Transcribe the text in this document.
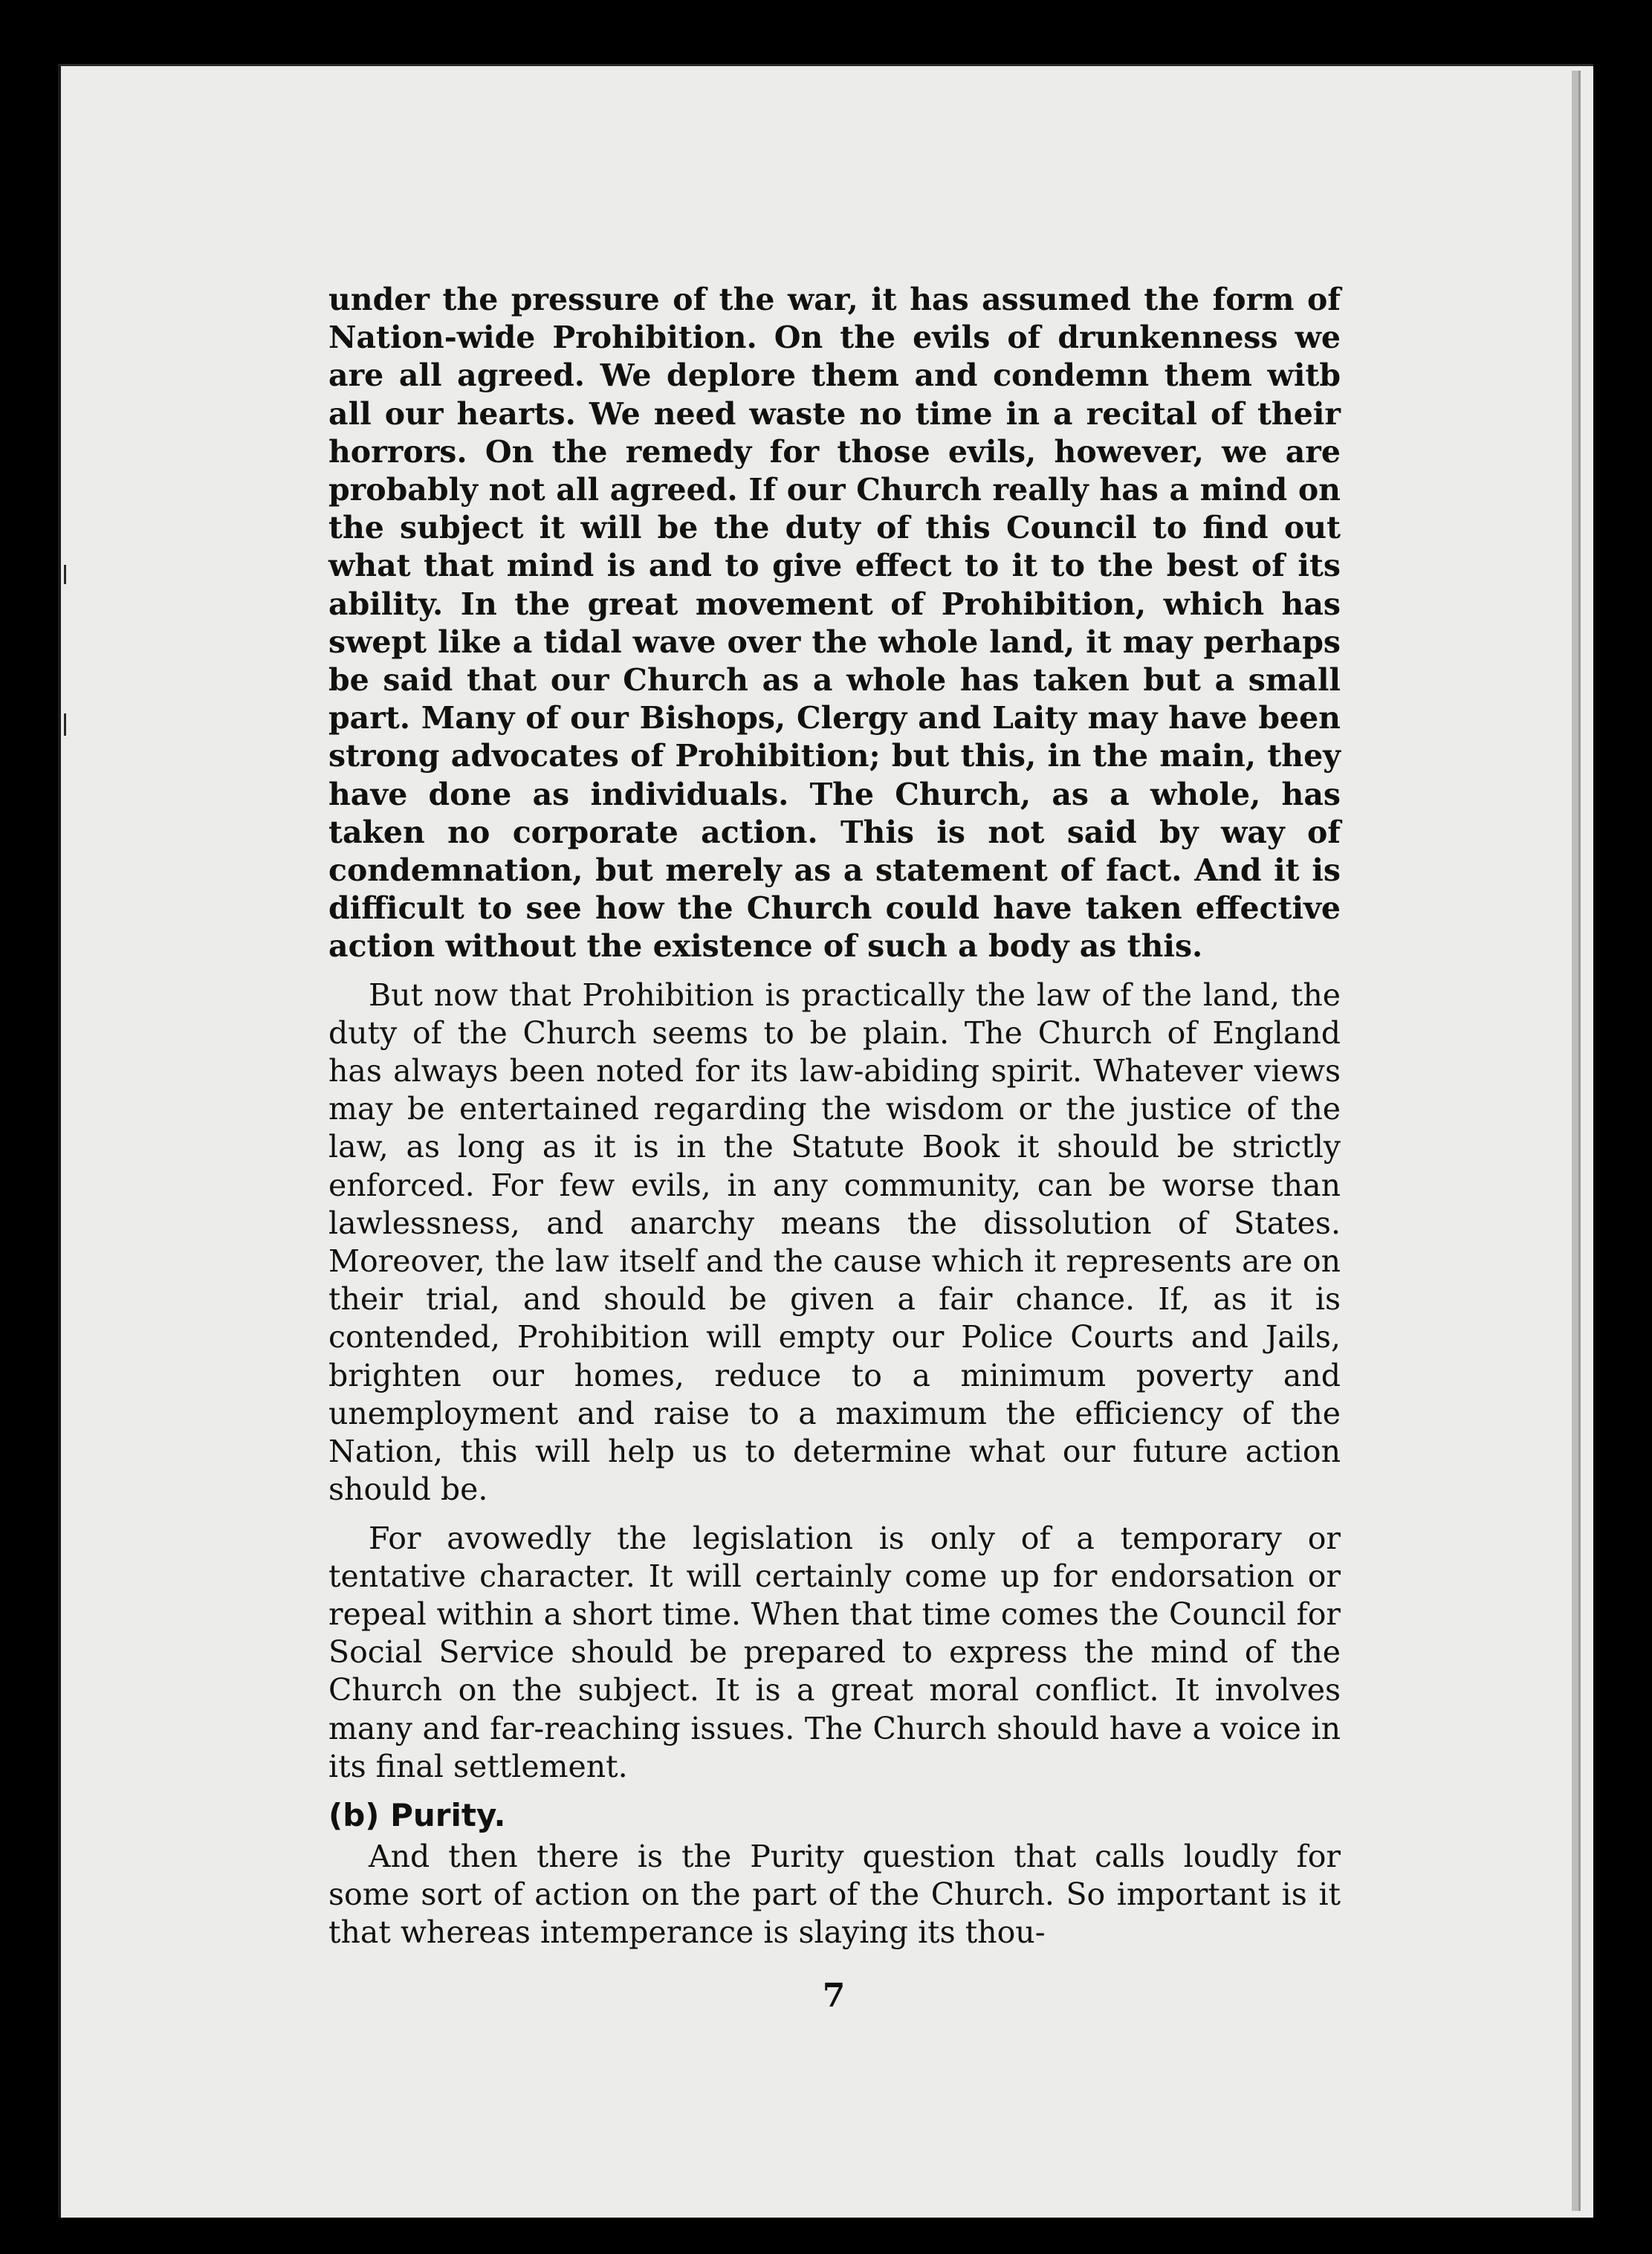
under the pressure of the war, it has assumed the form of Nation-wide Prohibition. On the evils of drunkenness we are all agreed. We deplore them and condemn them witb all our hearts. We need waste no time in a recital of their horrors. On the remedy for those evils, however, we are probably not all agreed. If our Church really has a mind on the subject it will be the duty of this Council to find out what that mind is and to give effect to it to the best of its ability. In the great movement of Prohibition, which has swept like a tidal wave over the whole land, it may perhaps be said that our Church as a whole has taken but a small part. Many of our Bishops, Clergy and Laity may have been strong advocates of Prohibition; but this, in the main, they have done as individuals. The Church, as a whole, has taken no corporate action. This is not said by way of condemnation, but merely as a statement of fact. And it is difficult to see how the Church could have taken effective action without the existence of such a body as this.

But now that Prohibition is practically the law of the land, the duty of the Church seems to be plain. The Church of England has always been noted for its law-abiding spirit. Whatever views may be entertained regarding the wisdom or the justice of the law, as long as it is in the Statute Book it should be strictly enforced. For few evils, in any community, can be worse than lawlessness, and anarchy means the dissolution of States. Moreover, the law itself and the cause which it represents are on their trial, and should be given a fair chance. If, as it is contended, Prohibition will empty our Police Courts and Jails, brighten our homes, reduce to a minimum poverty and unemployment and raise to a maximum the efficiency of the Nation, this will help us to determine what our future action should be.

For avowedly the legislation is only of a temporary or tentative character. It will certainly come up for endorsation or repeal within a short time. When that time comes the Council for Social Service should be prepared to express the mind of the Church on the subject. It is a great moral conflict. It involves many and far-reaching issues. The Church should have a voice in its final settlement.

(b) Purity.

And then there is the Purity question that calls loudly for some sort of action on the part of the Church. So important is it that whereas intemperance is slaying its thou-

7
